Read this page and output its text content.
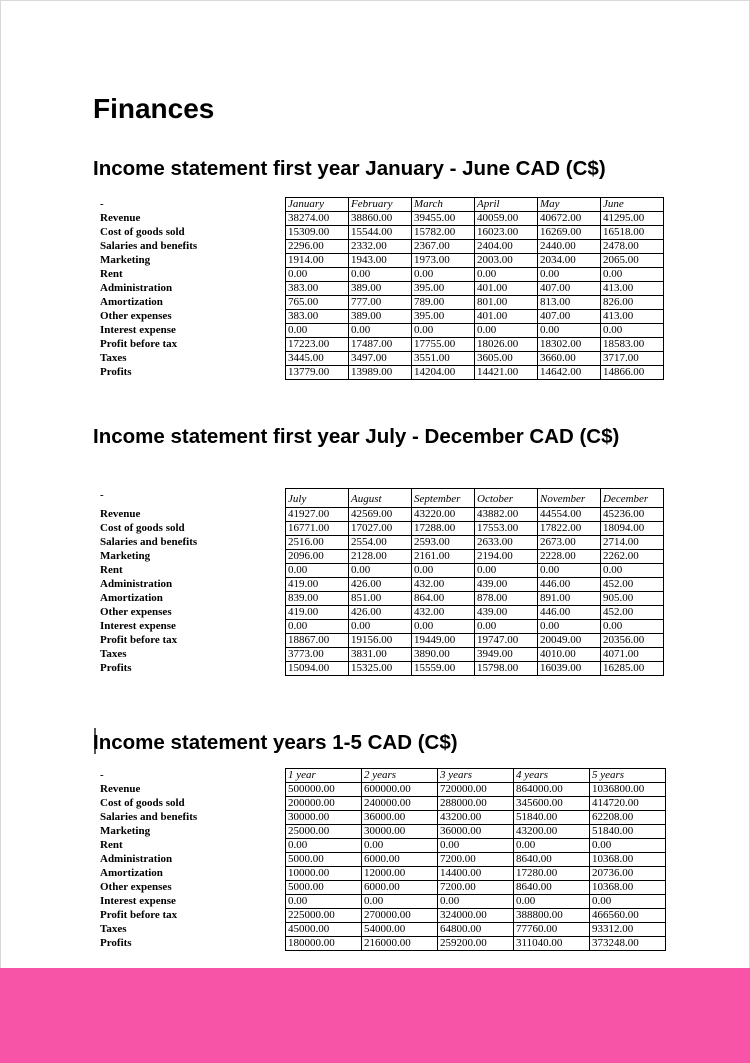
Finances
Income statement first year January - June CAD (C$)
-	January	February	March	April	May	June
Revenue	38274.00	38860.00	39455.00	40059.00	40672.00	41295.00
Cost of goods sold	15309.00	15544.00	15782.00	16023.00	16269.00	16518.00
Salaries and benefits	2296.00	2332.00	2367.00	2404.00	2440.00	2478.00
Marketing	1914.00	1943.00	1973.00	2003.00	2034.00	2065.00
Rent	0.00	0.00	0.00	0.00	0.00	0.00
Administration	383.00	389.00	395.00	401.00	407.00	413.00
Amortization	765.00	777.00	789.00	801.00	813.00	826.00
Other expenses	383.00	389.00	395.00	401.00	407.00	413.00
Interest expense	0.00	0.00	0.00	0.00	0.00	0.00
Profit before tax	17223.00	17487.00	17755.00	18026.00	18302.00	18583.00
Taxes	3445.00	3497.00	3551.00	3605.00	3660.00	3717.00
Profits	13779.00	13989.00	14204.00	14421.00	14642.00	14866.00
Income statement first year July - December CAD (C$)
-	July	August	September	October	November	December
Revenue	41927.00	42569.00	43220.00	43882.00	44554.00	45236.00
Cost of goods sold	16771.00	17027.00	17288.00	17553.00	17822.00	18094.00
Salaries and benefits	2516.00	2554.00	2593.00	2633.00	2673.00	2714.00
Marketing	2096.00	2128.00	2161.00	2194.00	2228.00	2262.00
Rent	0.00	0.00	0.00	0.00	0.00	0.00
Administration	419.00	426.00	432.00	439.00	446.00	452.00
Amortization	839.00	851.00	864.00	878.00	891.00	905.00
Other expenses	419.00	426.00	432.00	439.00	446.00	452.00
Interest expense	0.00	0.00	0.00	0.00	0.00	0.00
Profit before tax	18867.00	19156.00	19449.00	19747.00	20049.00	20356.00
Taxes	3773.00	3831.00	3890.00	3949.00	4010.00	4071.00
Profits	15094.00	15325.00	15559.00	15798.00	16039.00	16285.00
Income statement years 1-5 CAD (C$)
-	1 year	2 years	3 years	4 years	5 years
Revenue	500000.00	600000.00	720000.00	864000.00	1036800.00
Cost of goods sold	200000.00	240000.00	288000.00	345600.00	414720.00
Salaries and benefits	30000.00	36000.00	43200.00	51840.00	62208.00
Marketing	25000.00	30000.00	36000.00	43200.00	51840.00
Rent	0.00	0.00	0.00	0.00	0.00
Administration	5000.00	6000.00	7200.00	8640.00	10368.00
Amortization	10000.00	12000.00	14400.00	17280.00	20736.00
Other expenses	5000.00	6000.00	7200.00	8640.00	10368.00
Interest expense	0.00	0.00	0.00	0.00	0.00
Profit before tax	225000.00	270000.00	324000.00	388800.00	466560.00
Taxes	45000.00	54000.00	64800.00	77760.00	93312.00
Profits	180000.00	216000.00	259200.00	311040.00	373248.00
